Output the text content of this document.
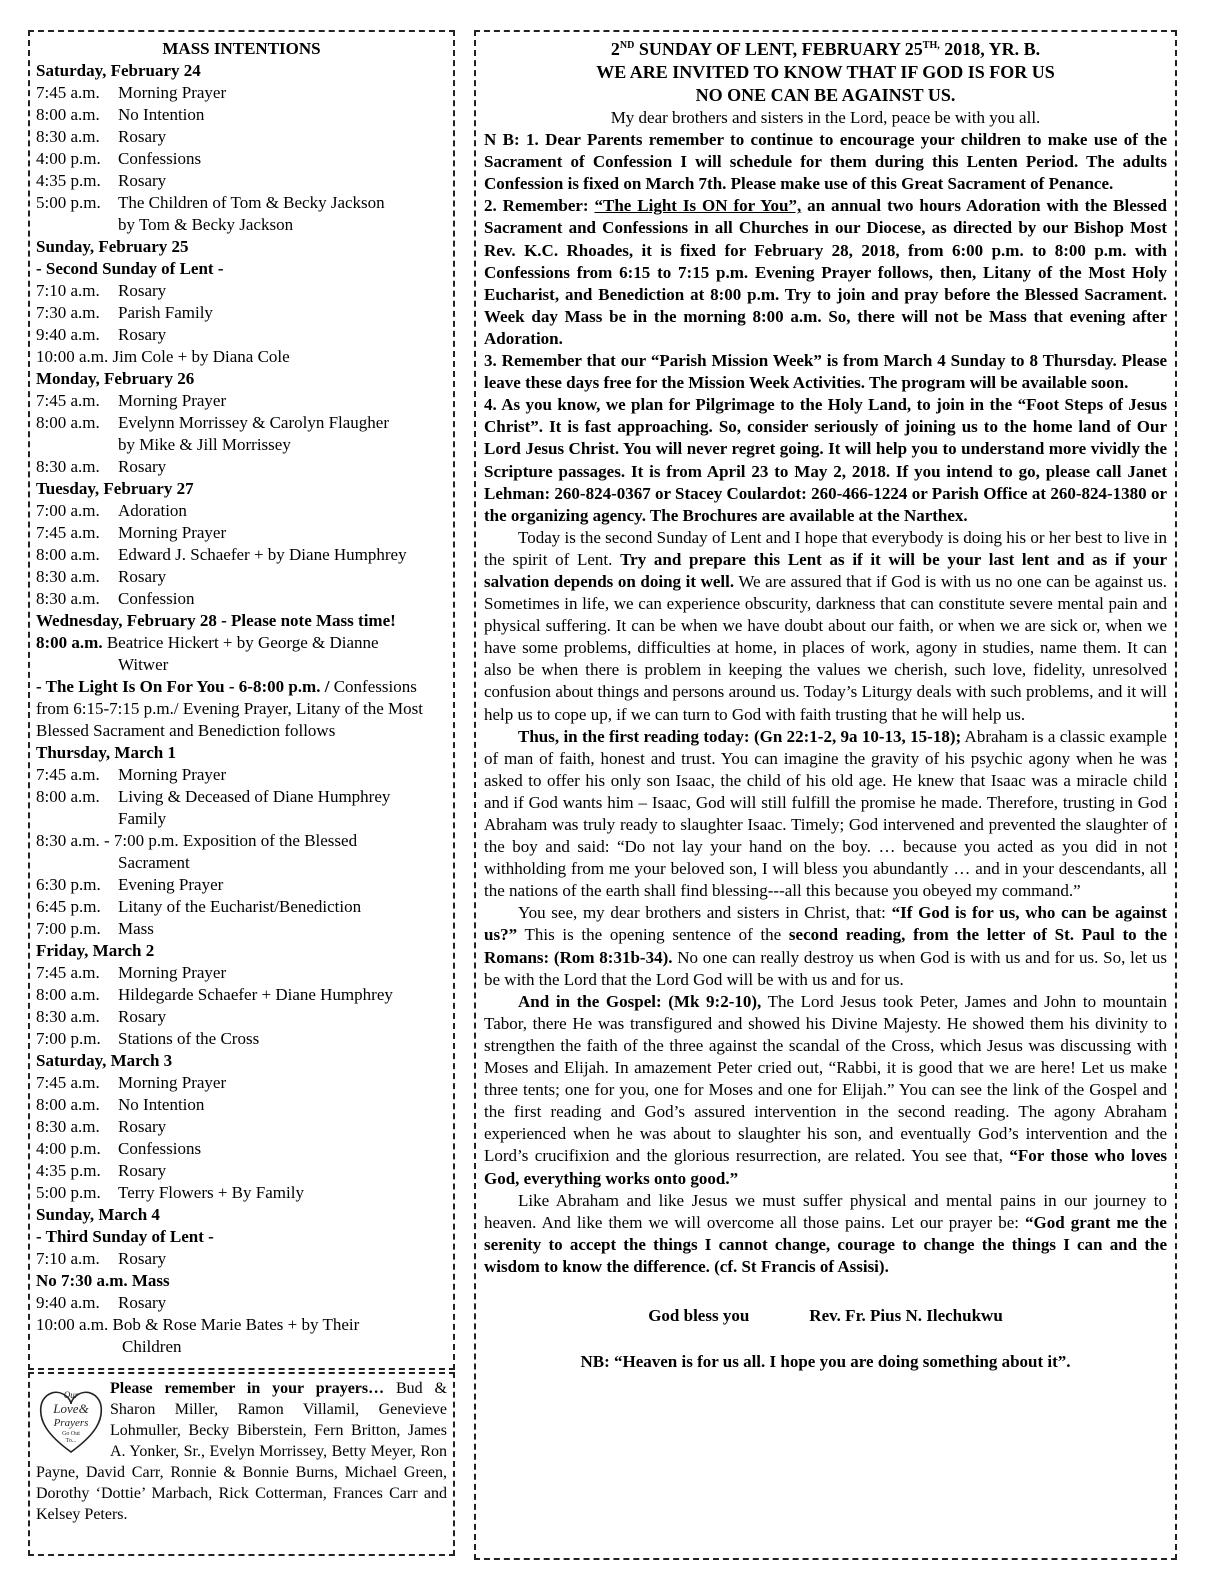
MASS INTENTIONS
Saturday, February 24
7:45 a.m. Morning Prayer
8:00 a.m. No Intention
8:30 a.m. Rosary
4:00 p.m. Confessions
4:35 p.m. Rosary
5:00 p.m. The Children of Tom & Becky Jackson
by Tom & Becky Jackson
Sunday, February 25
- Second Sunday of Lent -
7:10 a.m. Rosary
7:30 a.m. Parish Family
9:40 a.m. Rosary
10:00 a.m. Jim Cole + by Diana Cole
Monday, February 26
7:45 a.m. Morning Prayer
8:00 a.m. Evelynn Morrissey & Carolyn Flaugher
by Mike & Jill Morrissey
8:30 a.m. Rosary
Tuesday, February 27
7:00 a.m. Adoration
7:45 a.m. Morning Prayer
8:00 a.m. Edward J. Schaefer + by Diane Humphrey
8:30 a.m. Rosary
8:30 a.m. Confession
Wednesday, February 28 - Please note Mass time!
8:00 a.m. Beatrice Hickert + by George & Dianne
Witwer
- The Light Is On For You - 6-8:00 p.m. / Confessions from 6:15-7:15 p.m./ Evening Prayer, Litany of the Most Blessed Sacrament and Benediction follows
Thursday, March 1
7:45 a.m. Morning Prayer
8:00 a.m. Living & Deceased of Diane Humphrey
Family
8:30 a.m. - 7:00 p.m. Exposition of the Blessed
Sacrament
6:30 p.m. Evening Prayer
6:45 p.m. Litany of the Eucharist/Benediction
7:00 p.m. Mass
Friday, March 2
7:45 a.m. Morning Prayer
8:00 a.m. Hildegarde Schaefer + Diane Humphrey
8:30 a.m. Rosary
7:00 p.m. Stations of the Cross
Saturday, March 3
7:45 a.m. Morning Prayer
8:00 a.m. No Intention
8:30 a.m. Rosary
4:00 p.m. Confessions
4:35 p.m. Rosary
5:00 p.m. Terry Flowers + By Family
Sunday, March 4
- Third Sunday of Lent -
7:10 a.m. Rosary
No 7:30 a.m. Mass
9:40 a.m. Rosary
10:00 a.m. Bob & Rose Marie Bates + by Their
Children
Our
Love&
Prayers
Go Out
To...
Please remember in your prayers… Bud & Sharon Miller, Ramon Villamil, Genevieve Lohmuller, Becky Biberstein, Fern Britton, James A. Yonker, Sr., Evelyn Morrissey, Betty Meyer, Ron Payne, David Carr, Ronnie & Bonnie Burns, Michael Green, Dorothy ‘Dottie’ Marbach, Rick Cotterman, Frances Carr and Kelsey Peters.
2ND SUNDAY OF LENT, FEBRUARY $25^{TH,}$ 2018, YR. B.
WE ARE INVITED TO KNOW THAT IF GOD IS FOR US
NO ONE CAN BE AGAINST US.

My dear brothers and sisters in the Lord, peace be with you all.

N B: 1. Dear Parents remember to continue to encourage your children to make use of the Sacrament of Confession I will schedule for them during this Lenten Period. The adults Confession is fixed on March 7th. Please make use of this Great Sacrament of Penance.

2. Remember: “The Light Is ON for You”, an annual two hours Adoration with the Blessed Sacrament and Confessions in all Churches in our Diocese, as directed by our Bishop Most Rev. K.C. Rhoades, it is fixed for February 28, 2018, from 6:00 p.m. to 8:00 p.m. with Confessions from 6:15 to 7:15 p.m. Evening Prayer follows, then, Litany of the Most Holy Eucharist, and Benediction at 8:00 p.m. Try to join and pray before the Blessed Sacrament. Week day Mass be in the morning 8:00 a.m. So, there will not be Mass that evening after Adoration.

3. Remember that our “Parish Mission Week” is from March 4 Sunday to 8 Thursday. Please leave these days free for the Mission Week Activities. The program will be available soon.

4. As you know, we plan for Pilgrimage to the Holy Land, to join in the “Foot Steps of Jesus Christ”. It is fast approaching. So, consider seriously of joining us to the home land of Our Lord Jesus Christ. You will never regret going. It will help you to understand more vividly the Scripture passages. It is from April 23 to May 2, 2018. If you intend to go, please call Janet Lehman: 260-824-0367 or Stacey Coulardot: 260-466-1224 or Parish Office at 260-824-1380 or the organizing agency. The Brochures are available at the Narthex.

Today is the second Sunday of Lent and I hope that everybody is doing his or her best to live in the spirit of Lent. Try and prepare this Lent as if it will be your last lent and as if your salvation depends on doing it well. We are assured that if God is with us no one can be against us. Sometimes in life, we can experience obscurity, darkness that can constitute severe mental pain and physical suffering. It can be when we have doubt about our faith, or when we are sick or, when we have some problems, difficulties at home, in places of work, agony in studies, name them. It can also be when there is problem in keeping the values we cherish, such love, fidelity, unresolved confusion about things and persons around us. Today’s Liturgy deals with such problems, and it will help us to cope up, if we can turn to God with faith trusting that he will help us.

Thus, in the first reading today: (Gn 22:1-2, 9a 10-13, 15-18); Abraham is a classic example of man of faith, honest and trust. You can imagine the gravity of his psychic agony when he was asked to offer his only son Isaac, the child of his old age. He knew that Isaac was a miracle child and if God wants him – Isaac, God will still fulfill the promise he made. Therefore, trusting in God Abraham was truly ready to slaughter Isaac. Timely; God intervened and prevented the slaughter of the boy and said: “Do not lay your hand on the boy. … because you acted as you did in not withholding from me your beloved son, I will bless you abundantly … and in your descendants, all the nations of the earth shall find blessing---all this because you obeyed my command.”

You see, my dear brothers and sisters in Christ, that: “If God is for us, who can be against us?” This is the opening sentence of the second reading, from the letter of St. Paul to the Romans: (Rom 8:31b-34). No one can really destroy us when God is with us and for us. So, let us be with the Lord that the Lord God will be with us and for us.

And in the Gospel: (Mk 9:2-10), The Lord Jesus took Peter, James and John to mountain Tabor, there He was transfigured and showed his Divine Majesty. He showed them his divinity to strengthen the faith of the three against the scandal of the Cross, which Jesus was discussing with Moses and Elijah. In amazement Peter cried out, “Rabbi, it is good that we are here! Let us make three tents; one for you, one for Moses and one for Elijah.” You can see the link of the Gospel and the first reading and God’s assured intervention in the second reading. The agony Abraham experienced when he was about to slaughter his son, and eventually God’s intervention and the Lord’s crucifixion and the glorious resurrection, are related. You see that, “For those who loves God, everything works onto good.”

Like Abraham and like Jesus we must suffer physical and mental pains in our journey to heaven. And like them we will overcome all those pains. Let our prayer be: “God grant me the serenity to accept the things I cannot change, courage to change the things I can and the wisdom to know the difference. (cf. St Francis of Assisi).

God bless you	Rev. Fr. Pius N. Ilechukwu
NB: “Heaven is for us all. I hope you are doing something about it”.
